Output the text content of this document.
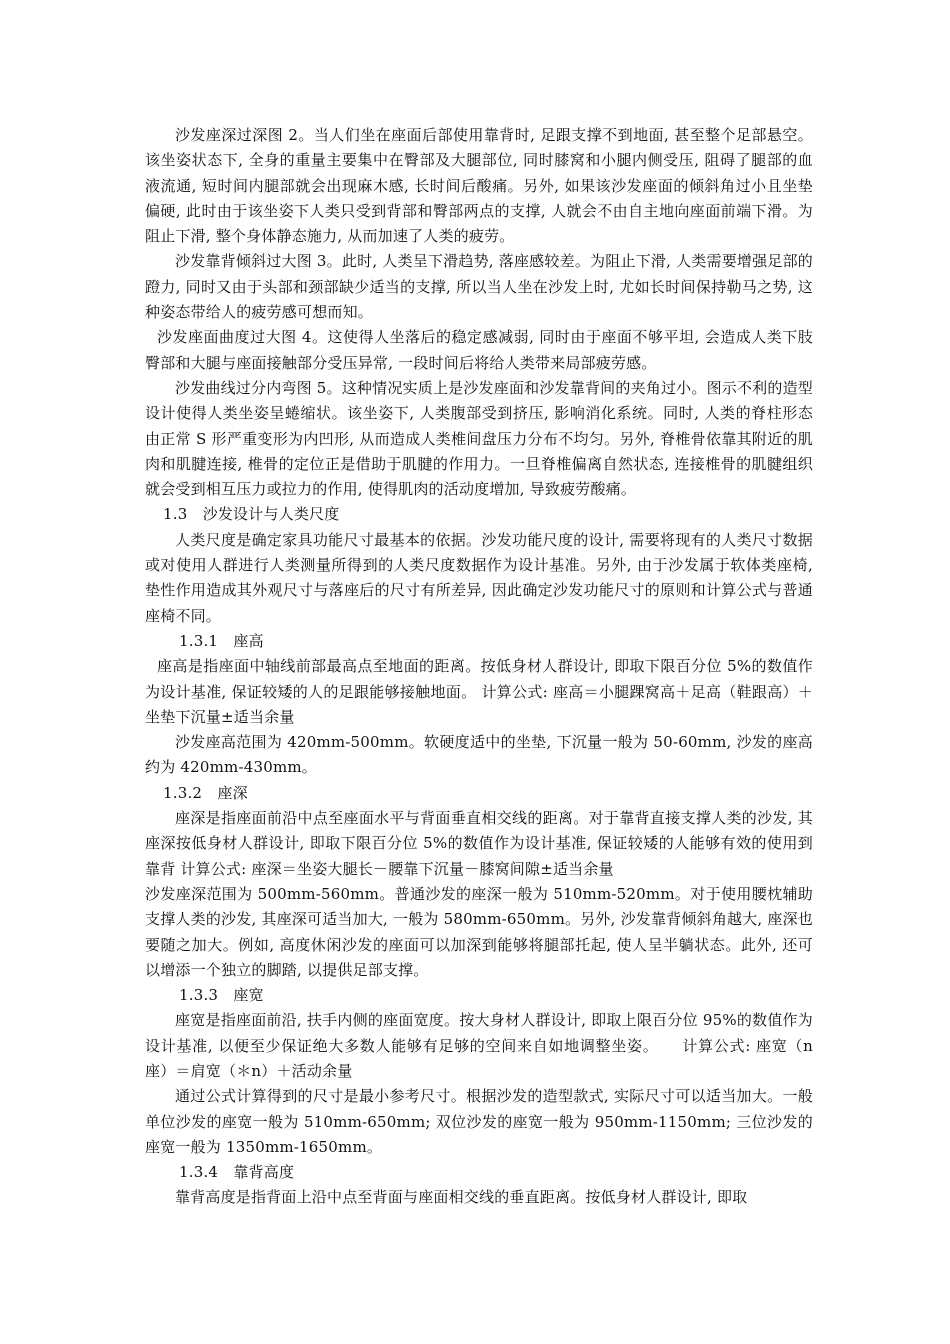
沙发座深过深图 2。当人们坐在座面后部使用靠背时, 足跟支撑不到地面, 甚至整个足部悬空。该坐姿状态下, 全身的重量主要集中在臀部及大腿部位, 同时膝窝和小腿内侧受压, 阻碍了腿部的血液流通, 短时间内腿部就会出现麻木感, 长时间后酸痛。另外, 如果该沙发座面的倾斜角过小且坐垫偏硬, 此时由于该坐姿下人类只受到背部和臀部两点的支撑, 人就会不由自主地向座面前端下滑。为阻止下滑, 整个身体静态施力, 从而加速了人类的疲劳。

沙发靠背倾斜过大图 3。此时, 人类呈下滑趋势, 落座感较差。为阻止下滑, 人类需要增强足部的蹬力, 同时又由于头部和颈部缺少适当的支撑, 所以当人坐在沙发上时, 尤如长时间保持勒马之势, 这种姿态带给人的疲劳感可想而知。

沙发座面曲度过大图 4。这使得人坐落后的稳定感减弱, 同时由于座面不够平坦, 会造成人类下肢臀部和大腿与座面接触部分受压异常, 一段时间后将给人类带来局部疲劳感。

沙发曲线过分内弯图 5。这种情况实质上是沙发座面和沙发靠背间的夹角过小。图示不利的造型设计使得人类坐姿呈蜷缩状。该坐姿下, 人类腹部受到挤压, 影响消化系统。同时, 人类的脊柱形态由正常 S 形严重变形为内凹形, 从而造成人类椎间盘压力分布不均匀。另外, 脊椎骨依靠其附近的肌肉和肌腱连接, 椎骨的定位正是借助于肌腱的作用力。一旦脊椎偏离自然状态, 连接椎骨的肌腱组织就会受到相互压力或拉力的作用, 使得肌肉的活动度增加, 导致疲劳酸痛。

1.3　沙发设计与人类尺度

人类尺度是确定家具功能尺寸最基本的依据。沙发功能尺度的设计, 需要将现有的人类尺寸数据或对使用人群进行人类测量所得到的人类尺度数据作为设计基准。另外, 由于沙发属于软体类座椅, 垫性作用造成其外观尺寸与落座后的尺寸有所差异, 因此确定沙发功能尺寸的原则和计算公式与普通座椅不同。

1.3.1　座高

座高是指座面中轴线前部最高点至地面的距离。按低身材人群设计, 即取下限百分位 5%的数值作为设计基准, 保证较矮的人的足跟能够接触地面。 计算公式: 座高＝小腿踝窝高＋足高（鞋跟高）＋坐垫下沉量±适当余量

沙发座高范围为 420mm-500mm。软硬度适中的坐垫, 下沉量一般为 50-60mm, 沙发的座高约为 420mm-430mm。

1.3.2　座深

座深是指座面前沿中点至座面水平与背面垂直相交线的距离。对于靠背直接支撑人类的沙发, 其座深按低身材人群设计, 即取下限百分位 5%的数值作为设计基准, 保证较矮的人能够有效的使用到靠背 计算公式: 座深＝坐姿大腿长－腰靠下沉量－膝窝间隙±适当余量

沙发座深范围为 500mm-560mm。普通沙发的座深一般为 510mm-520mm。对于使用腰枕辅助支撑人类的沙发, 其座深可适当加大, 一般为 580mm-650mm。另外, 沙发靠背倾斜角越大, 座深也要随之加大。例如, 高度休闲沙发的座面可以加深到能够将腿部托起, 使人呈半躺状态。此外, 还可以增添一个独立的脚踏, 以提供足部支撑。

1.3.3　座宽

座宽是指座面前沿, 扶手内侧的座面宽度。按大身材人群设计, 即取上限百分位 95%的数值作为设计基准, 以便至少保证绝大多数人能够有足够的空间来自如地调整坐姿。　　计算公式: 座宽（n 座）＝肩宽（＊n）＋活动余量

通过公式计算得到的尺寸是最小参考尺寸。根据沙发的造型款式, 实际尺寸可以适当加大。一般单位沙发的座宽一般为 510mm-650mm; 双位沙发的座宽一般为 950mm-1150mm; 三位沙发的座宽一般为 1350mm-1650mm。

1.3.4　靠背高度

靠背高度是指背面上沿中点至背面与座面相交线的垂直距离。按低身材人群设计, 即取
